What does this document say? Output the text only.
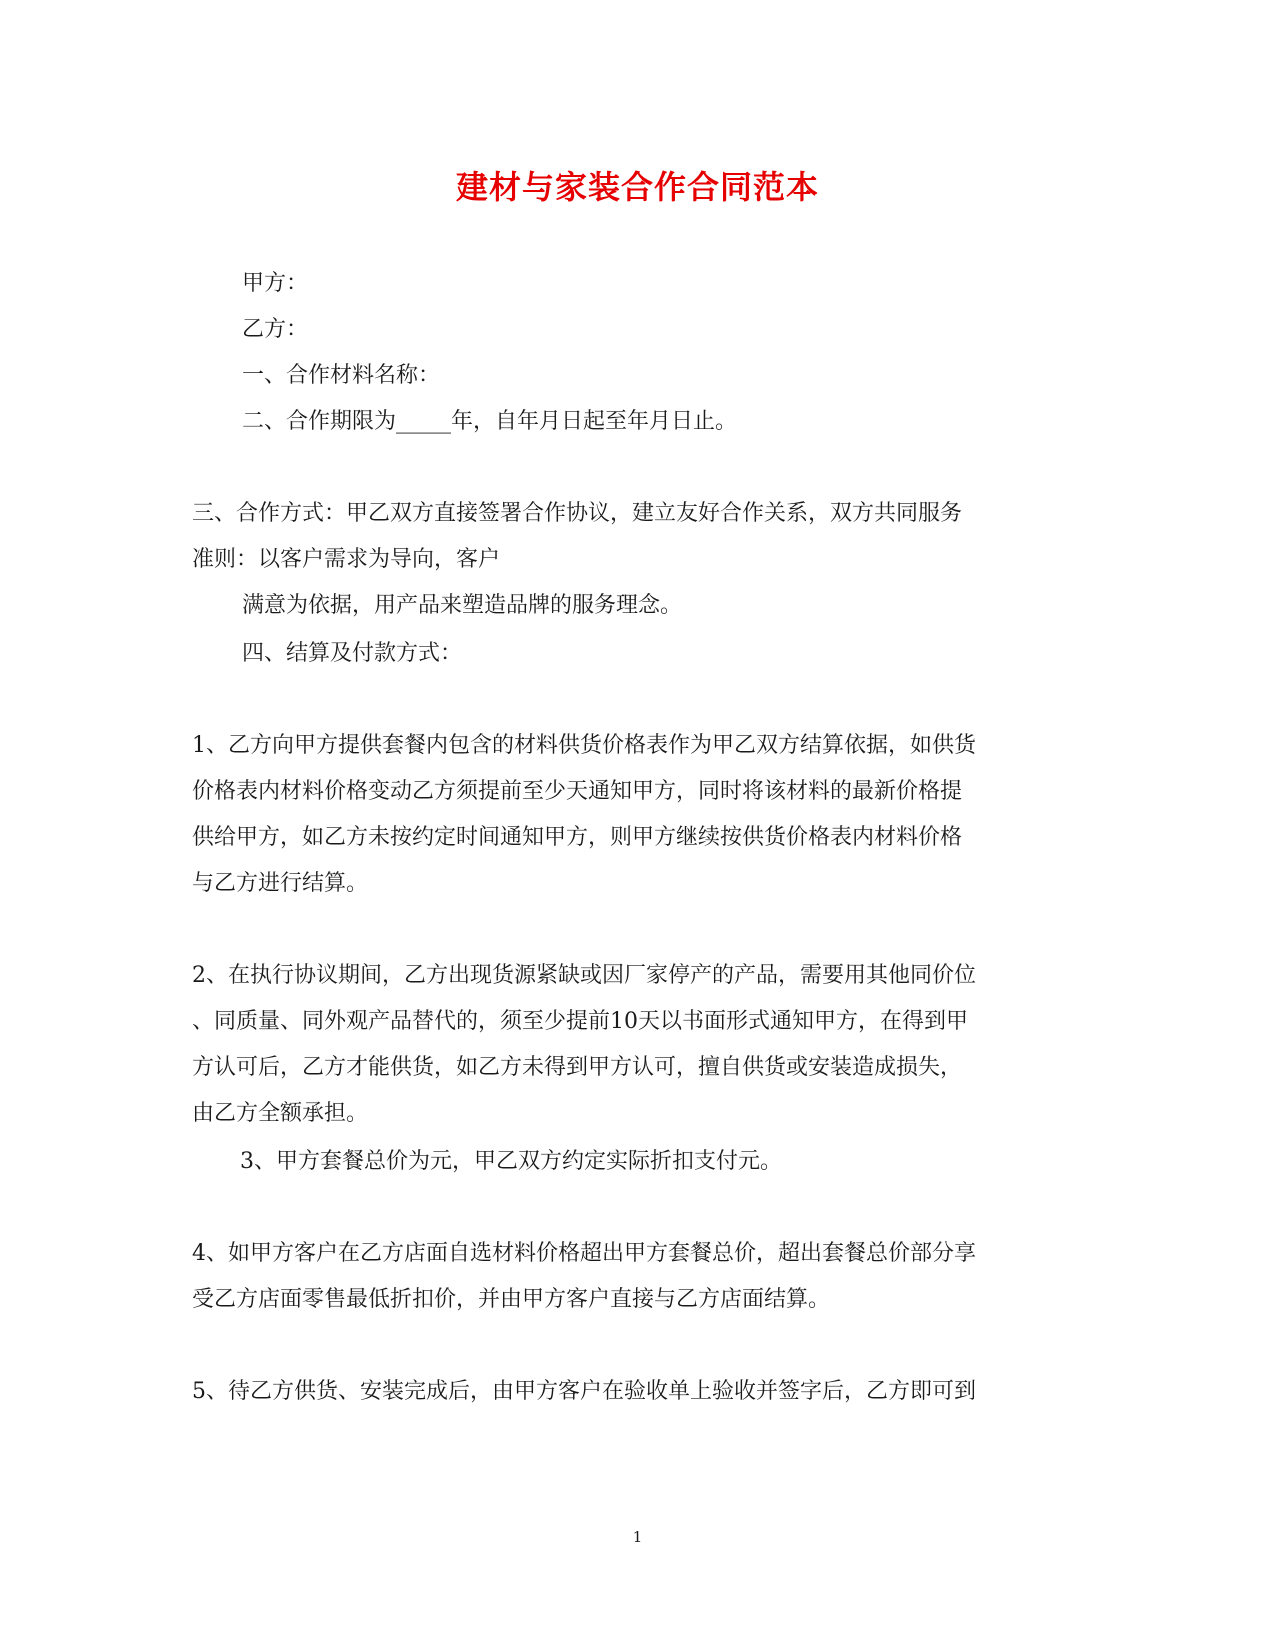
建材与家装合作合同范本
甲方：
乙方：
一、合作材料名称：
二、合作期限为_____年，自年月日起至年月日止。
三、合作方式：甲乙双方直接签署合作协议，建立友好合作关系，双方共同服务
准则：以客户需求为导向，客户
满意为依据，用产品来塑造品牌的服务理念。
四、结算及付款方式：
1、乙方向甲方提供套餐内包含的材料供货价格表作为甲乙双方结算依据，如供货
价格表内材料价格变动乙方须提前至少天通知甲方，同时将该材料的最新价格提
供给甲方，如乙方未按约定时间通知甲方，则甲方继续按供货价格表内材料价格
与乙方进行结算。
2、在执行协议期间，乙方出现货源紧缺或因厂家停产的产品，需要用其他同价位
、同质量、同外观产品替代的，须至少提前10天以书面形式通知甲方，在得到甲
方认可后，乙方才能供货，如乙方未得到甲方认可，擅自供货或安装造成损失，
由乙方全额承担。
3、甲方套餐总价为元，甲乙双方约定实际折扣支付元。
4、如甲方客户在乙方店面自选材料价格超出甲方套餐总价，超出套餐总价部分享
受乙方店面零售最低折扣价，并由甲方客户直接与乙方店面结算。
5、待乙方供货、安装完成后，由甲方客户在验收单上验收并签字后，乙方即可到
1
